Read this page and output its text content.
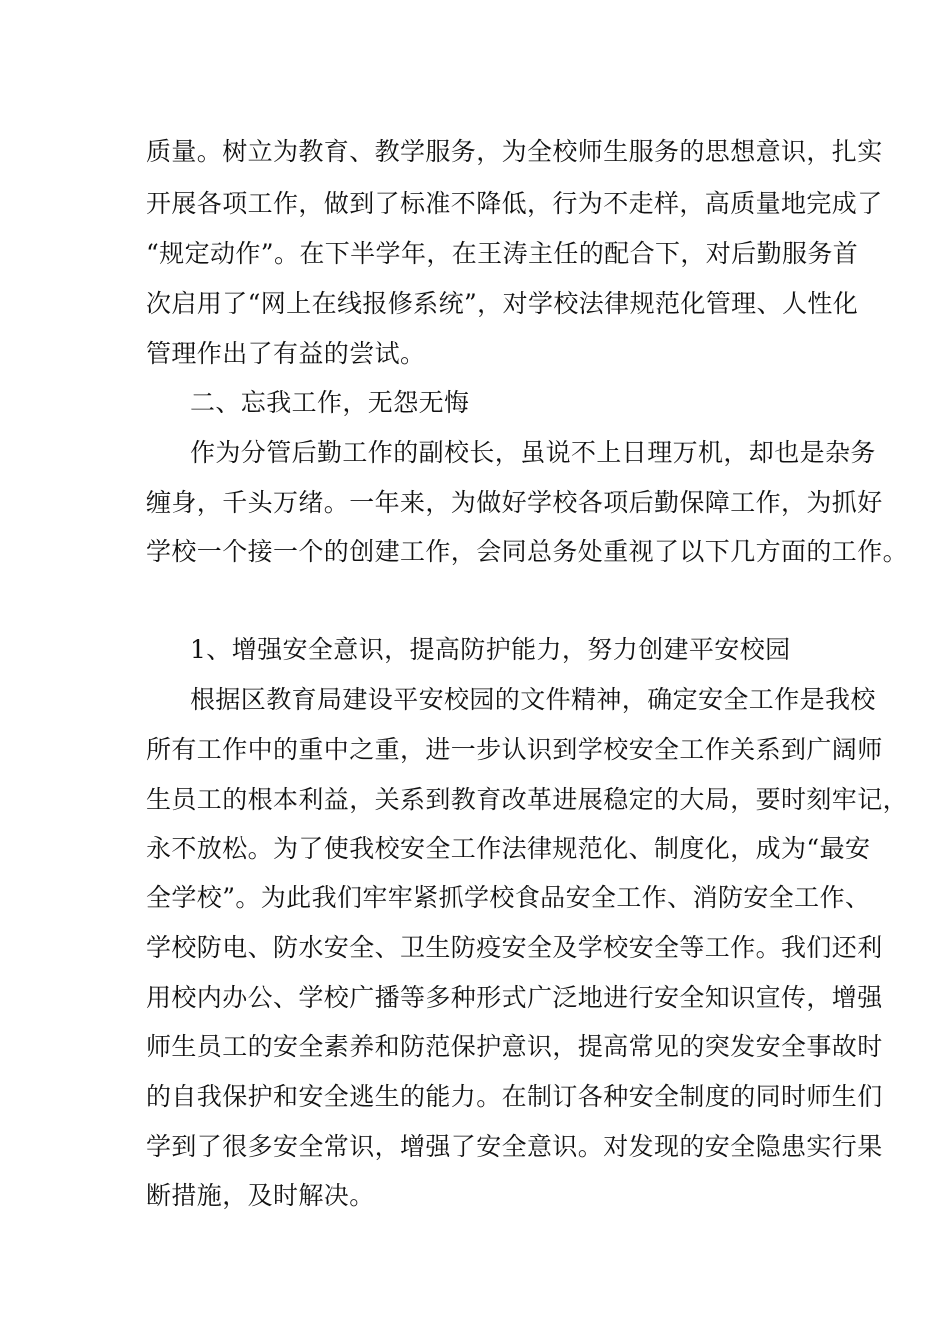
质量。树立为教育、教学服务，为全校师生服务的思想意识，扎实
开展各项工作，做到了标准不降低，行为不走样，高质量地完成了
“规定动作”。在下半学年，在王涛主任的配合下，对后勤服务首
次启用了“网上在线报修系统”，对学校法律规范化管理、人性化
管理作出了有益的尝试。
二、忘我工作，无怨无悔
作为分管后勤工作的副校长，虽说不上日理万机，却也是杂务
缠身，千头万绪。一年来，为做好学校各项后勤保障工作，为抓好
学校一个接一个的创建工作，会同总务处重视了以下几方面的工作。
1、增强安全意识，提高防护能力，努力创建平安校园
根据区教育局建设平安校园的文件精神，确定安全工作是我校
所有工作中的重中之重，进一步认识到学校安全工作关系到广阔师
生员工的根本利益，关系到教育改革进展稳定的大局，要时刻牢记，
永不放松。为了使我校安全工作法律规范化、制度化，成为“最安
全学校”。为此我们牢牢紧抓学校食品安全工作、消防安全工作、
学校防电、防水安全、卫生防疫安全及学校安全等工作。我们还利
用校内办公、学校广播等多种形式广泛地进行安全知识宣传，增强
师生员工的安全素养和防范保护意识，提高常见的突发安全事故时
的自我保护和安全逃生的能力。在制订各种安全制度的同时师生们
学到了很多安全常识，增强了安全意识。对发现的安全隐患实行果
断措施，及时解决。
